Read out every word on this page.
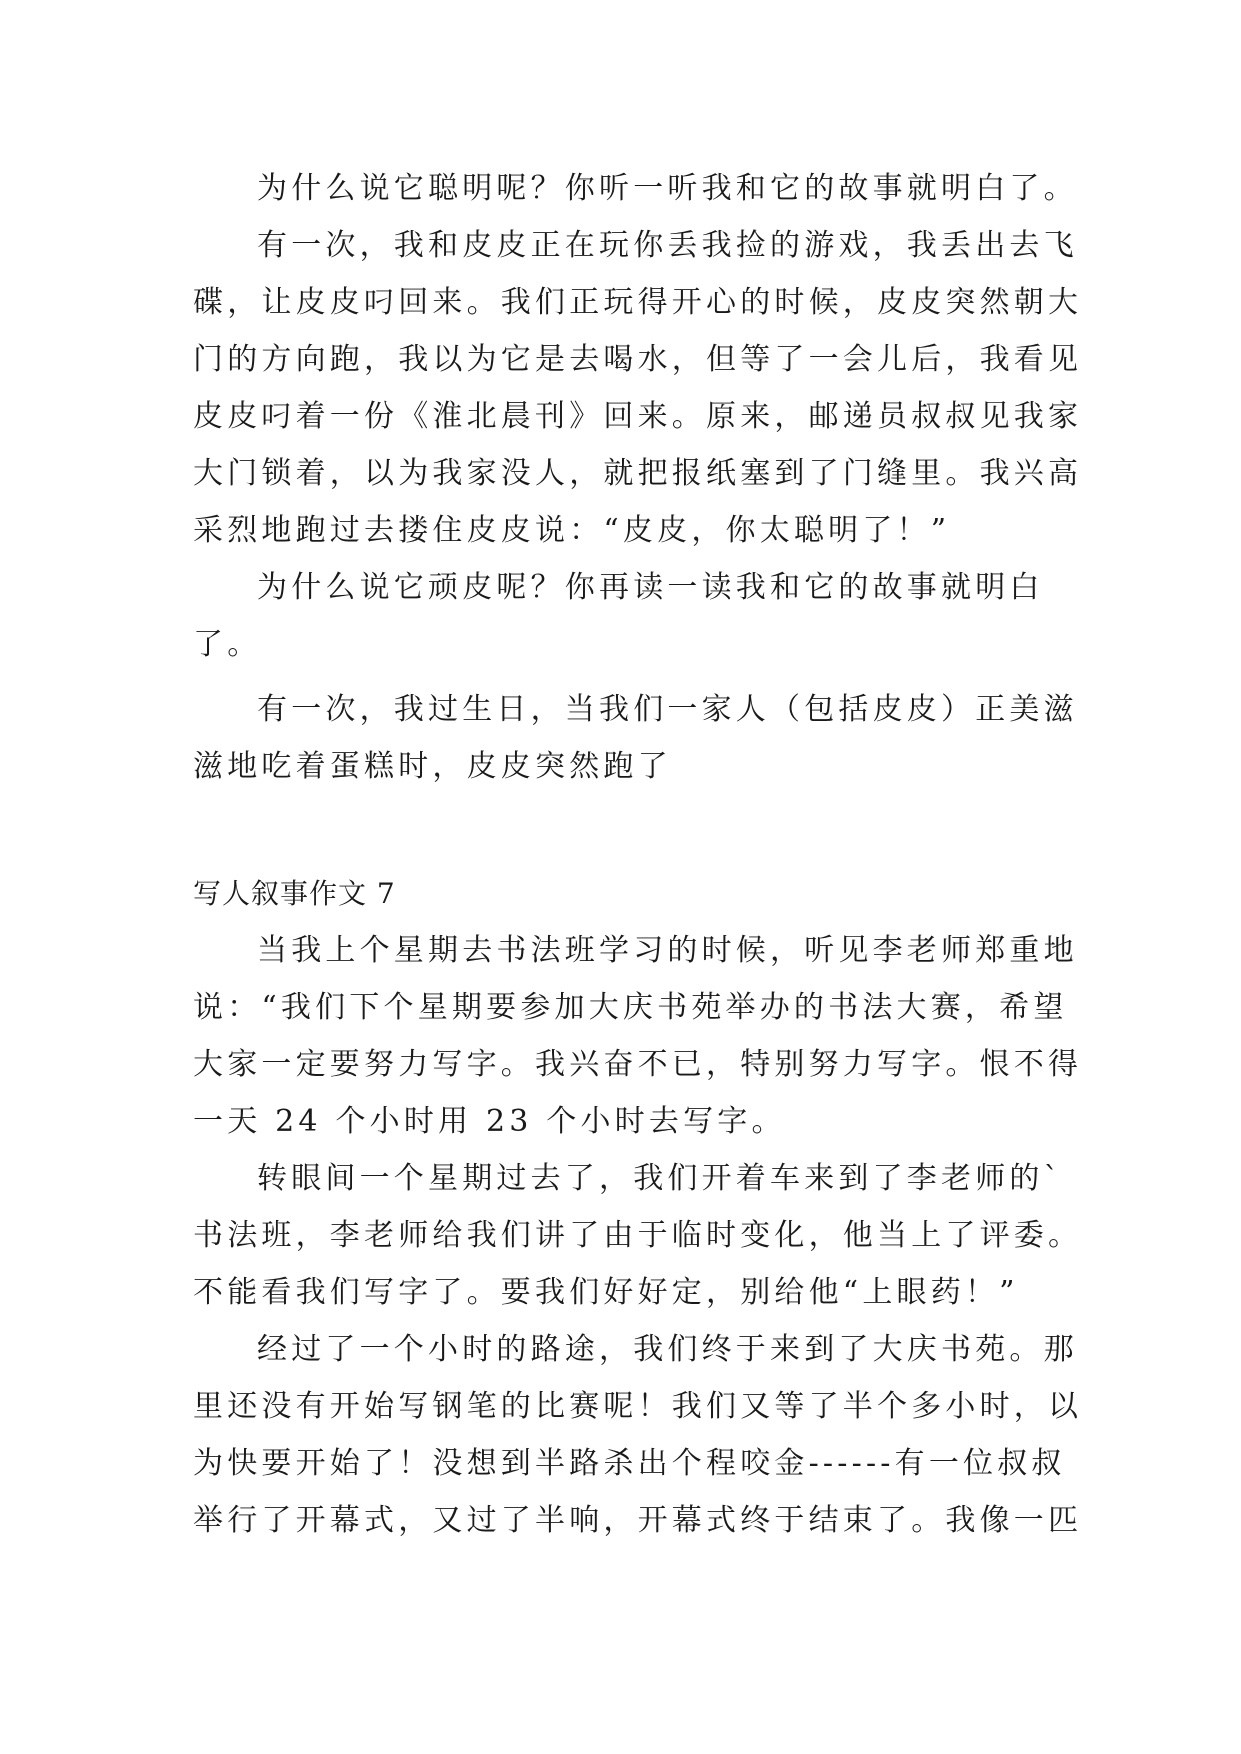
为什么说它聪明呢？你听一听我和它的故事就明白了。
有一次，我和皮皮正在玩你丢我捡的游戏，我丢出去飞
碟，让皮皮叼回来。我们正玩得开心的时候，皮皮突然朝大
门的方向跑，我以为它是去喝水，但等了一会儿后，我看见
皮皮叼着一份《淮北晨刊》回来。原来，邮递员叔叔见我家
大门锁着，以为我家没人，就把报纸塞到了门缝里。我兴高
采烈地跑过去搂住皮皮说：“皮皮，你太聪明了！”
为什么说它顽皮呢？你再读一读我和它的故事就明白
了。
有一次，我过生日，当我们一家人（包括皮皮）正美滋
滋地吃着蛋糕时，皮皮突然跑了
写人叙事作文 7
当我上个星期去书法班学习的时候，听见李老师郑重地
说：“我们下个星期要参加大庆书苑举办的书法大赛，希望
大家一定要努力写字。我兴奋不已，特别努力写字。恨不得
一天 24 个小时用 23 个小时去写字。
转眼间一个星期过去了，我们开着车来到了李老师的`
书法班，李老师给我们讲了由于临时变化，他当上了评委。
不能看我们写字了。要我们好好定，别给他“上眼药！”
经过了一个小时的路途，我们终于来到了大庆书苑。那
里还没有开始写钢笔的比赛呢！我们又等了半个多小时，以
为快要开始了！没想到半路杀出个程咬金------有一位叔叔
举行了开幕式，又过了半响，开幕式终于结束了。我像一匹
